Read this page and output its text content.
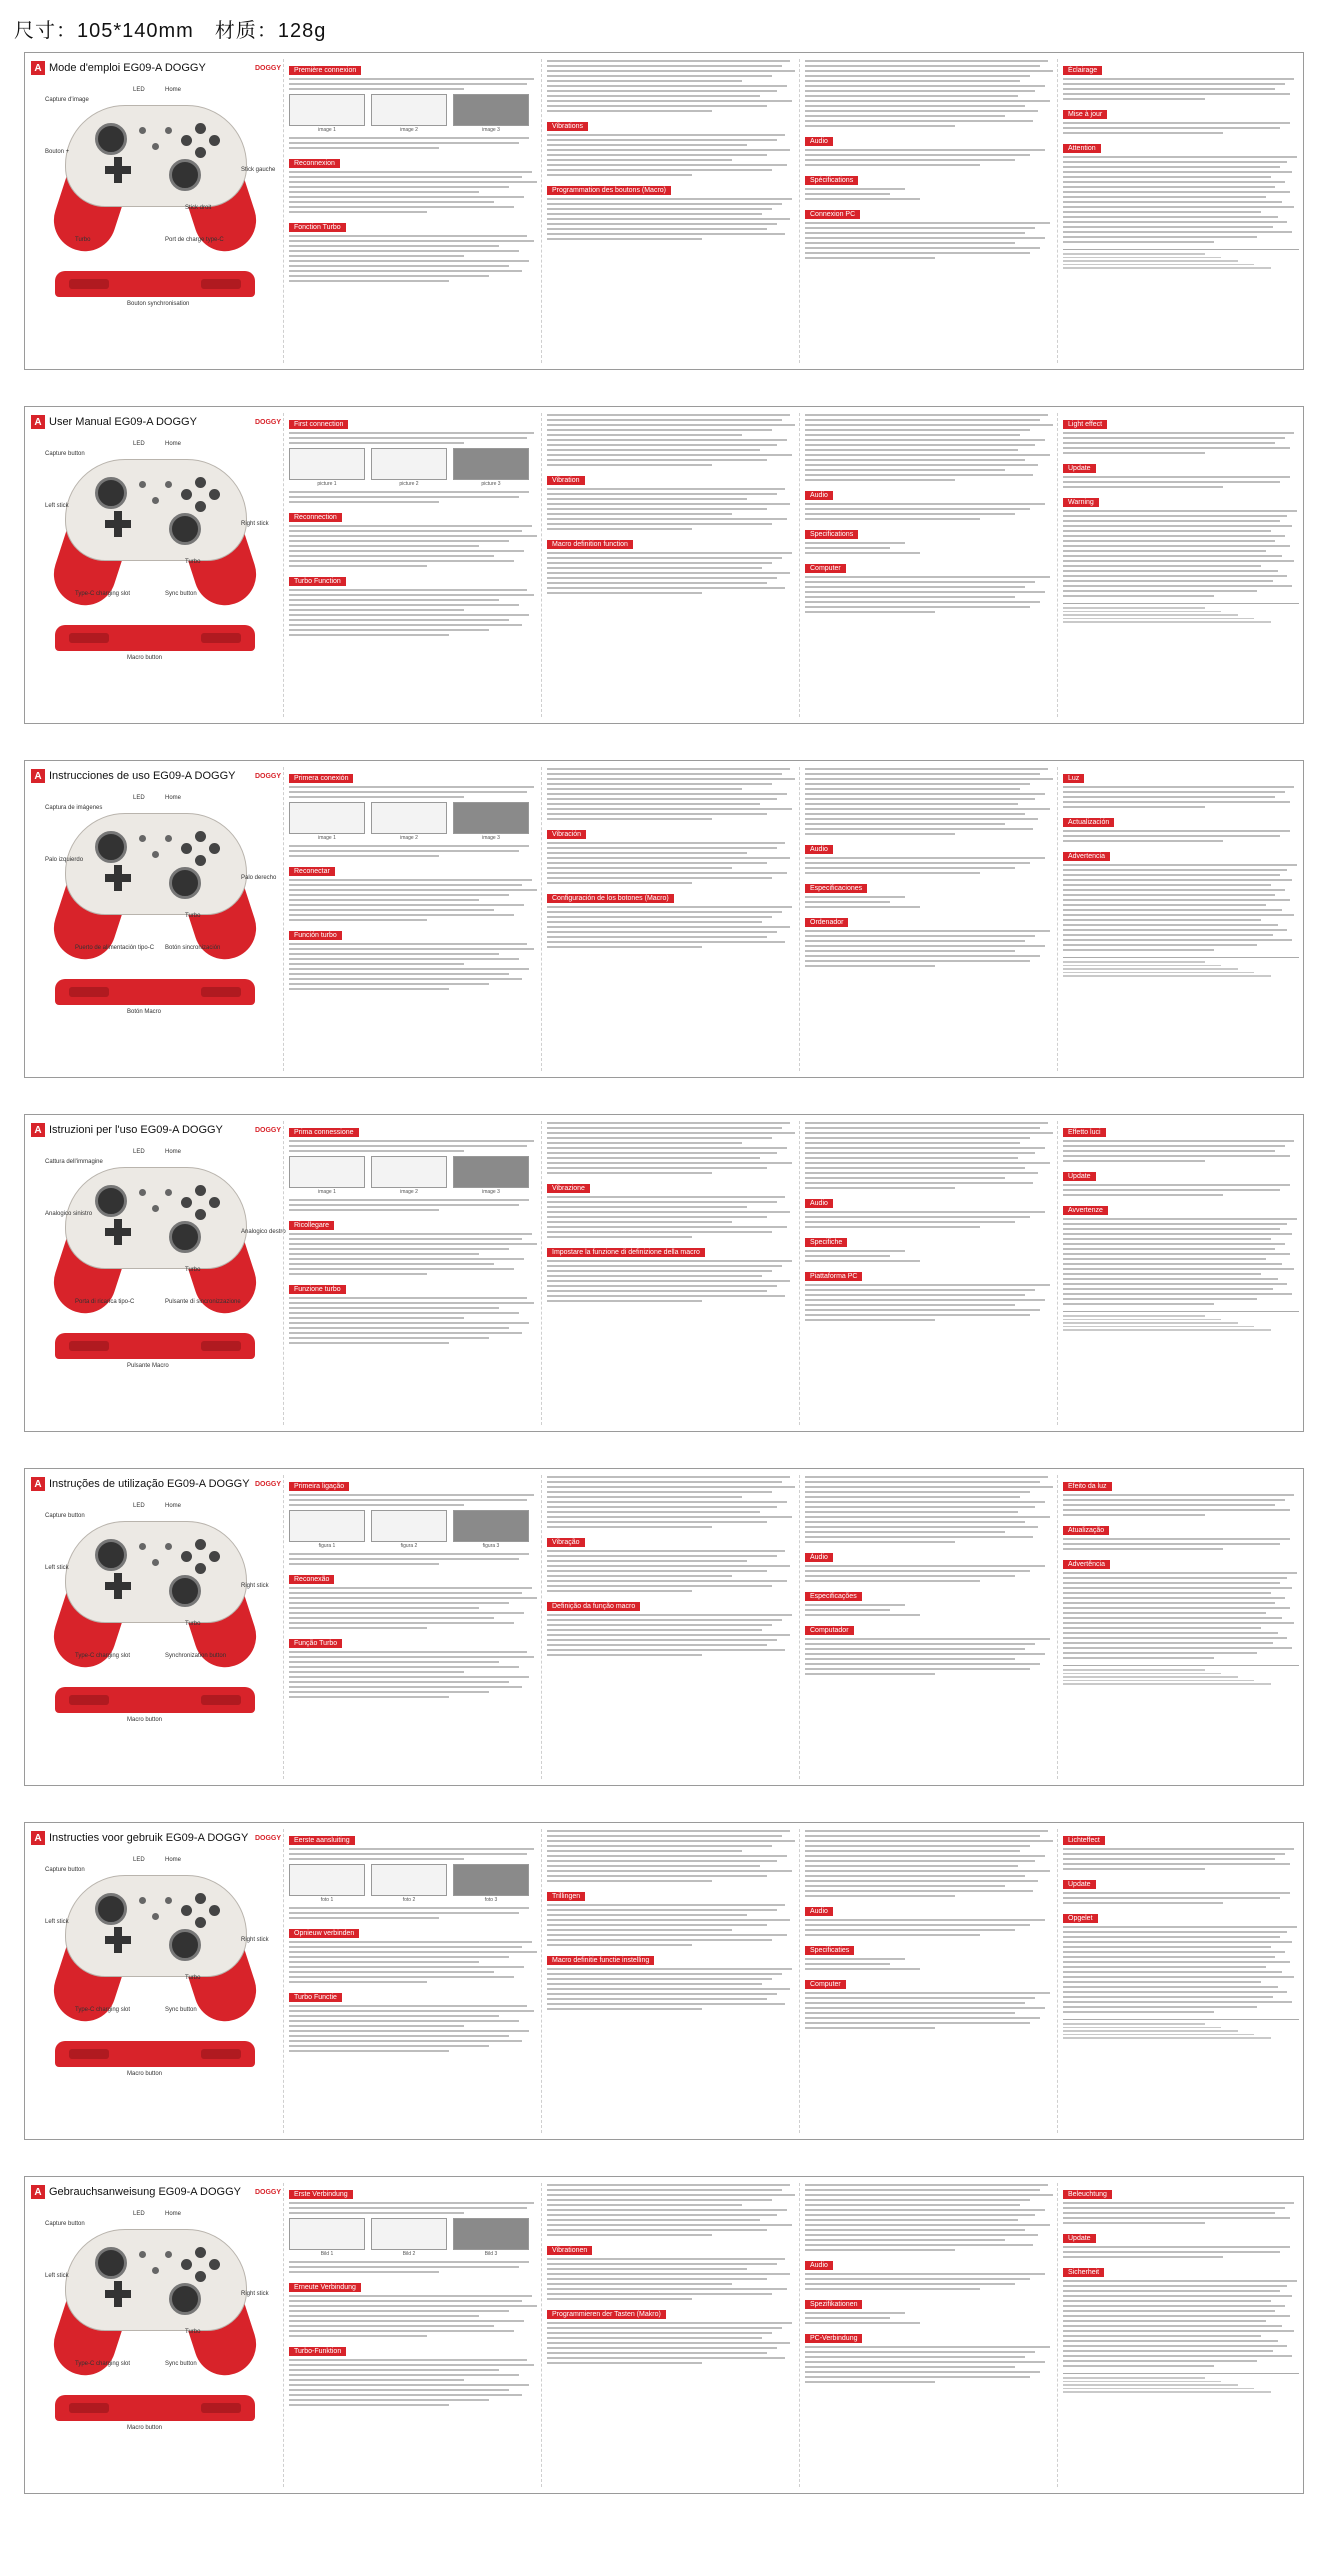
尺寸：105*140mm　材质：128g
A Mode d'emploi EG09-A DOGGY	DOGGY
Capture d'image
LED	Home
Bouton +
Stick gauche
Stick droit
Turbo	Port de charge type-C
Bouton synchronisation
Première connexion
image 1	image 2	image 3
Reconnexion
Fonction Turbo
Vibrations
Programmation des boutons (Macro)
Audio
Spécifications
Connexion PC
Éclairage
Mise à jour
Attention
A User Manual EG09-A DOGGY	DOGGY
Capture button
LED	Home
Left stick
Right stick
Turbo
Type-C charging slot	Sync button
Macro button
First connection
picture 1	picture 2	picture 3
Reconnection
Turbo Function
Vibration
Macro definition function
Audio
Specifications
Computer
Light effect
Update
Warning
A Instrucciones de uso EG09-A DOGGY	DOGGY
Captura de imágenes
LED	Home
Palo izquierdo
Palo derecho
Turbo
Puerto de alimentación tipo-C Botón sincronización
Botón Macro
Primera conexión
image 1	image 2	image 3
Reconectar
Función turbo
Vibración
Configuración de los botones (Macro)
Audio
Especificaciones
Ordenador
Luz
Actualización
Advertencia
A Istruzioni per l'uso EG09-A DOGGY	DOGGY
Cattura dell'immagine
LED	Home
Analogico sinistro
Analogico destro
Turbo
Porta di ricarica tipo-C	Pulsante di sincronizzazione
Pulsante Macro
Prima connessione
image 1	image 2	image 3
Ricollegare
Funzione turbo
Vibrazione
Impostare la funzione di definizione della macro
Audio
Specifiche
Piattaforma PC
Effetto luci
Update
Avvertenze
A Instruções de utilização EG09-A DOGGY DOGGY
Capture button
LED	Home
Left stick
Right stick
Turbo
Type-C charging slot	Synchronization button
Macro button
Primeira ligação
figura 1	figura 2	figura 3
Reconexão
Função Turbo
Vibração
Definição da função macro
Áudio
Especificações
Computador
Efeito da luz
Atualização
Advertência
A Instructies voor gebruik EG09-A DOGGY DOGGY
Capture button
LED	Home
Left stick
Right stick
Turbo
Type-C charging slot	Sync button
Macro button
Eerste aansluiting
foto 1	foto 2	foto 3
Opnieuw verbinden
Turbo Functie
Trillingen
Macro definitie functie instelling
Audio
Specificaties
Computer
Lichteffect
Update
Opgelet
A Gebrauchsanweisung EG09-A DOGGY DOGGY
Capture button
LED	Home
Left stick
Right stick
Turbo
Type-C charging slot	Sync button
Macro button
Erste Verbindung
Bild 1	Bild 2	Bild 3
Erneute Verbindung
Turbo-Funktion
Vibrationen
Programmieren der Tasten (Makro)
Audio
Spezifikationen
PC-Verbindung
Beleuchtung
Update
Sicherheit
